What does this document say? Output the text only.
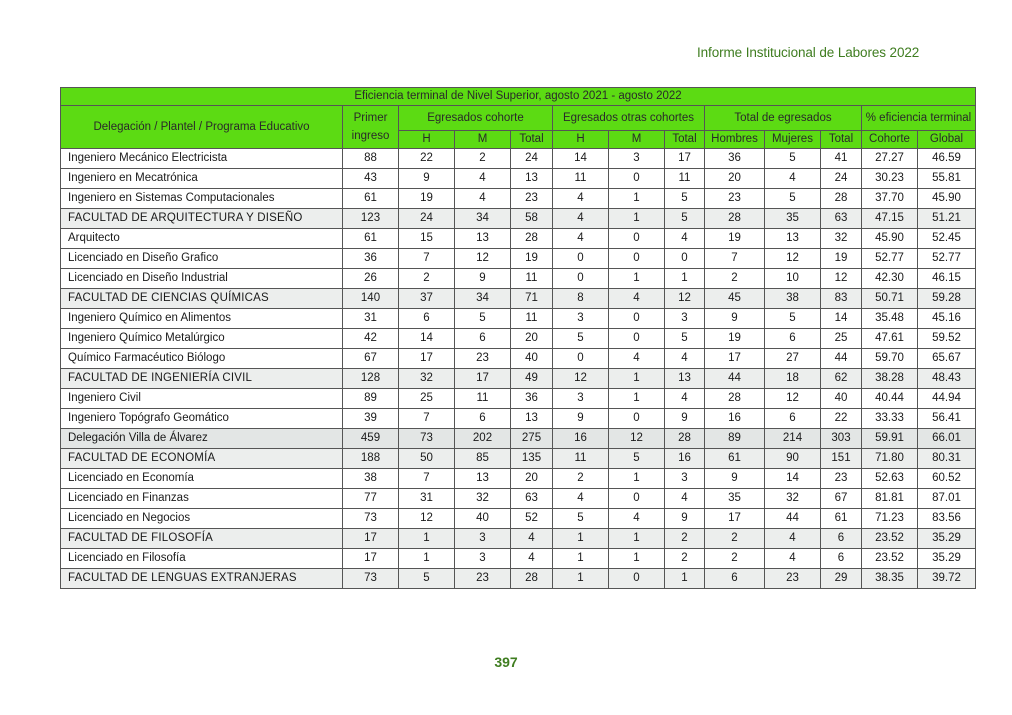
Informe Institucional de Labores 2022
Eficiencia terminal de Nivel Superior, agosto 2021 - agosto 2022												
Delegación / Plantel / Programa Educativo	Primer ingreso	Egresados cohorte			Egresados otras cohortes			Total de egresados			% eficiencia terminal	
		H	M	Total	H	M	Total	Hombres	Mujeres	Total	Cohorte	Global
Ingeniero Mecánico Electricista	88	22	2	24	14	3	17	36	5	41	27.27	46.59
Ingeniero en Mecatrónica	43	9	4	13	11	0	11	20	4	24	30.23	55.81
Ingeniero en Sistemas Computacionales	61	19	4	23	4	1	5	23	5	28	37.70	45.90
FACULTAD DE ARQUITECTURA Y DISEÑO	123	24	34	58	4	1	5	28	35	63	47.15	51.21
Arquitecto	61	15	13	28	4	0	4	19	13	32	45.90	52.45
Licenciado en Diseño Grafico	36	7	12	19	0	0	0	7	12	19	52.77	52.77
Licenciado en Diseño Industrial	26	2	9	11	0	1	1	2	10	12	42.30	46.15
FACULTAD DE CIENCIAS QUÍMICAS	140	37	34	71	8	4	12	45	38	83	50.71	59.28
Ingeniero Químico en Alimentos	31	6	5	11	3	0	3	9	5	14	35.48	45.16
Ingeniero Químico Metalúrgico	42	14	6	20	5	0	5	19	6	25	47.61	59.52
Químico Farmacéutico Biólogo	67	17	23	40	0	4	4	17	27	44	59.70	65.67
FACULTAD DE INGENIERÍA CIVIL	128	32	17	49	12	1	13	44	18	62	38.28	48.43
Ingeniero Civil	89	25	11	36	3	1	4	28	12	40	40.44	44.94
Ingeniero Topógrafo Geomático	39	7	6	13	9	0	9	16	6	22	33.33	56.41
Delegación Villa de Álvarez	459	73	202	275	16	12	28	89	214	303	59.91	66.01
FACULTAD DE ECONOMÍA	188	50	85	135	11	5	16	61	90	151	71.80	80.31
Licenciado en Economía	38	7	13	20	2	1	3	9	14	23	52.63	60.52
Licenciado en Finanzas	77	31	32	63	4	0	4	35	32	67	81.81	87.01
Licenciado en Negocios	73	12	40	52	5	4	9	17	44	61	71.23	83.56
FACULTAD DE FILOSOFÍA	17	1	3	4	1	1	2	2	4	6	23.52	35.29
Licenciado en Filosofía	17	1	3	4	1	1	2	2	4	6	23.52	35.29
FACULTAD DE LENGUAS EXTRANJERAS	73	5	23	28	1	0	1	6	23	29	38.35	39.72
397
